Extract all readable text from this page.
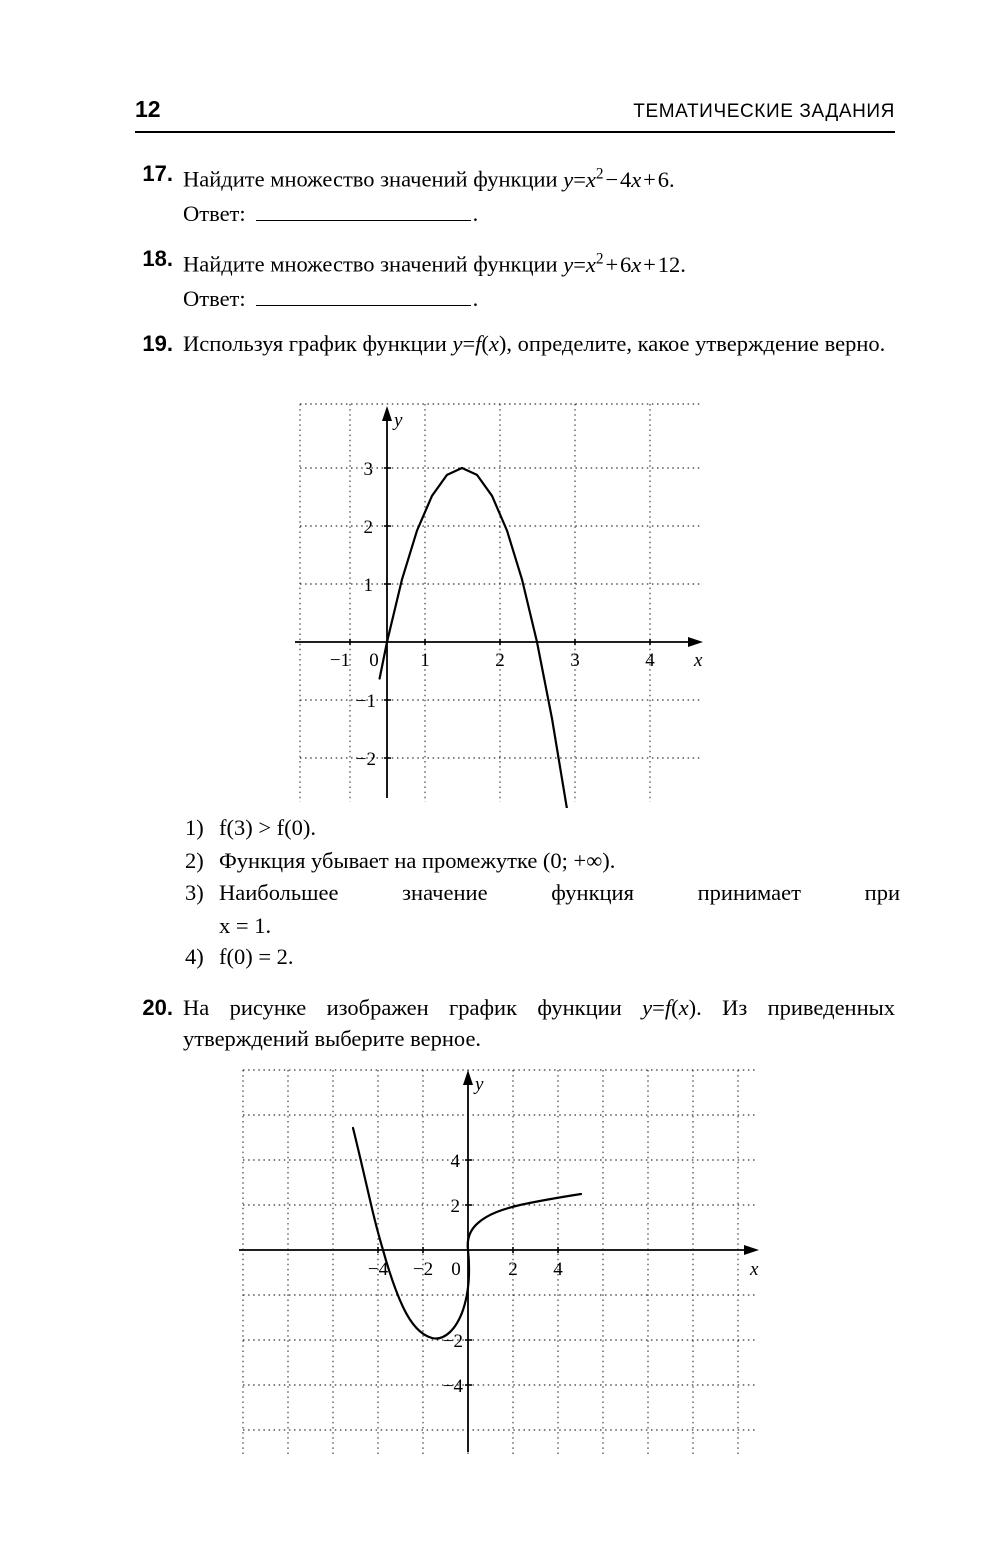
12	ТЕМАТИЧЕСКИЕ ЗАДАНИЯ
17. Найдите множество значений функции $y=x^2$ − 4x + 6.
Ответ:	.
18. Найдите множество значений функции $y=x^2$ + 6x + 12.
Ответ:	.
19. Используя график функции y=f(x), определите, какое утверждение верно.
−1 0 1	2	3	4
3
2
1
−1
−2
y
x
1) f(3) > f(0).
2) Функция убывает на промежутке (0; +∞).
3) Наибольшее значение функция принимает при
x = 1.
4) f(0) = 2.
20. На рисунке изображен график функции y=f(x). Из приведенных утверждений выберите верное.
−4 −2 0	2 4
4
2
−2
−4
y
x
